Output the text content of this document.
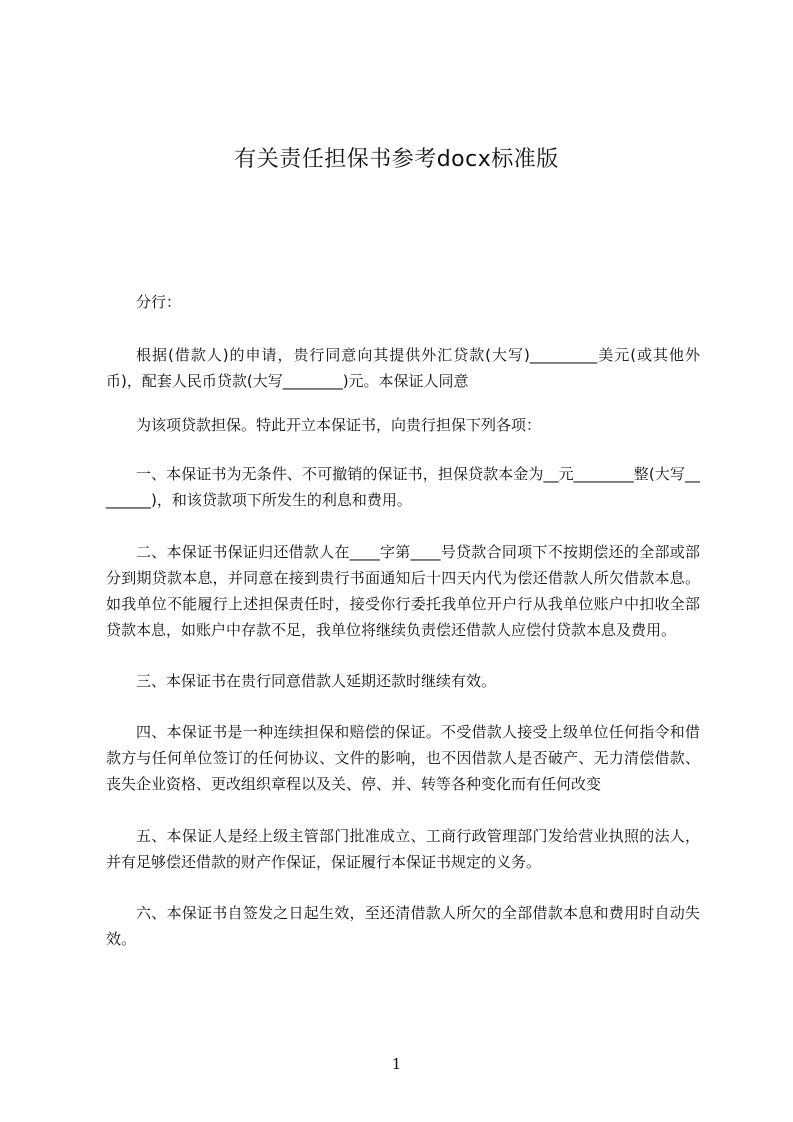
有关责任担保书参考docx标准版

分行：

根据(借款人)的申请，贵行同意向其提供外汇贷款(大写)_________美元(或其他外币)，配套人民币贷款(大写________)元。本保证人同意

为该项贷款担保。特此开立本保证书，向贵行担保下列各项：

一、本保证书为无条件、不可撤销的保证书，担保贷款本金为__元________整(大写________)，和该贷款项下所发生的利息和费用。

二、本保证书保证归还借款人在____字第____号贷款合同项下不按期偿还的全部或部分到期贷款本息，并同意在接到贵行书面通知后十四天内代为偿还借款人所欠借款本息。如我单位不能履行上述担保责任时，接受你行委托我单位开户行从我单位账户中扣收全部贷款本息，如账户中存款不足，我单位将继续负责偿还借款人应偿付贷款本息及费用。

三、本保证书在贵行同意借款人延期还款时继续有效。

四、本保证书是一种连续担保和赔偿的保证。不受借款人接受上级单位任何指令和借款方与任何单位签订的任何协议、文件的影响，也不因借款人是否破产、无力清偿借款、丧失企业资格、更改组织章程以及关、停、并、转等各种变化而有任何改变

五、本保证人是经上级主管部门批准成立、工商行政管理部门发给营业执照的法人，并有足够偿还借款的财产作保证，保证履行本保证书规定的义务。

六、本保证书自签发之日起生效，至还清借款人所欠的全部借款本息和费用时自动失效。

1
